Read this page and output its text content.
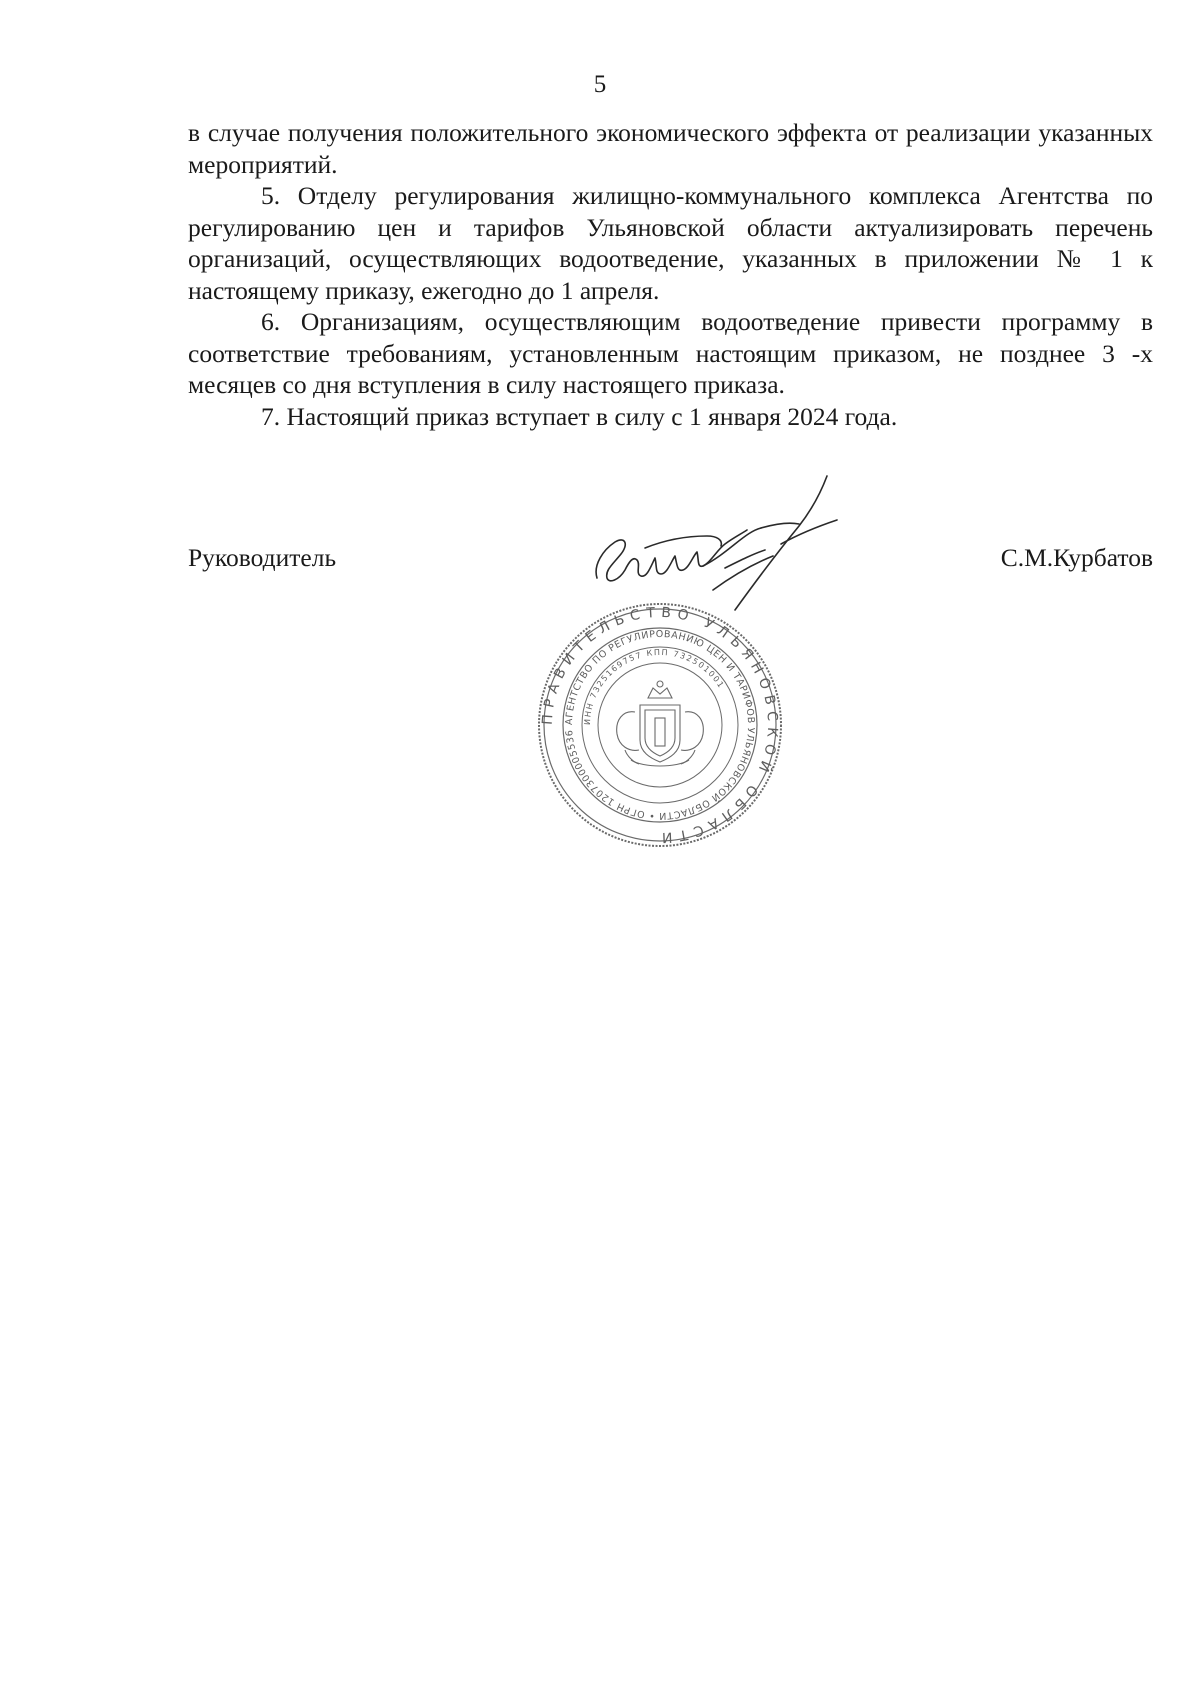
5

в случае получения положительного экономического эффекта от реализации указанных мероприятий.

5. Отделу регулирования жилищно-коммунального комплекса Агентства по регулированию цен и тарифов Ульяновской области актуализировать перечень организаций, осуществляющих водоотведение, указанных в приложении № 1 к настоящему приказу, ежегодно до 1 апреля.

6. Организациям, осуществляющим водоотведение привести программу в соответствие требованиям, установленным настоящим приказом, не позднее 3 -х месяцев со дня вступления в силу настоящего приказа.

7. Настоящий приказ вступает в силу с 1 января 2024 года.

Руководитель	С.М.Курбатов
ПРАВИТЕЛЬСТВО УЛЬЯНОВСКОЙ ОБЛАСТИ
АГЕНТСТВО ПО РЕГУЛИРОВАНИЮ ЦЕН И ТАРИФОВ УЛЬЯНОВСКОЙ ОБЛАСТИ • ОГРН 1207300005536
ИНН 7325169757 КПП 732501001
